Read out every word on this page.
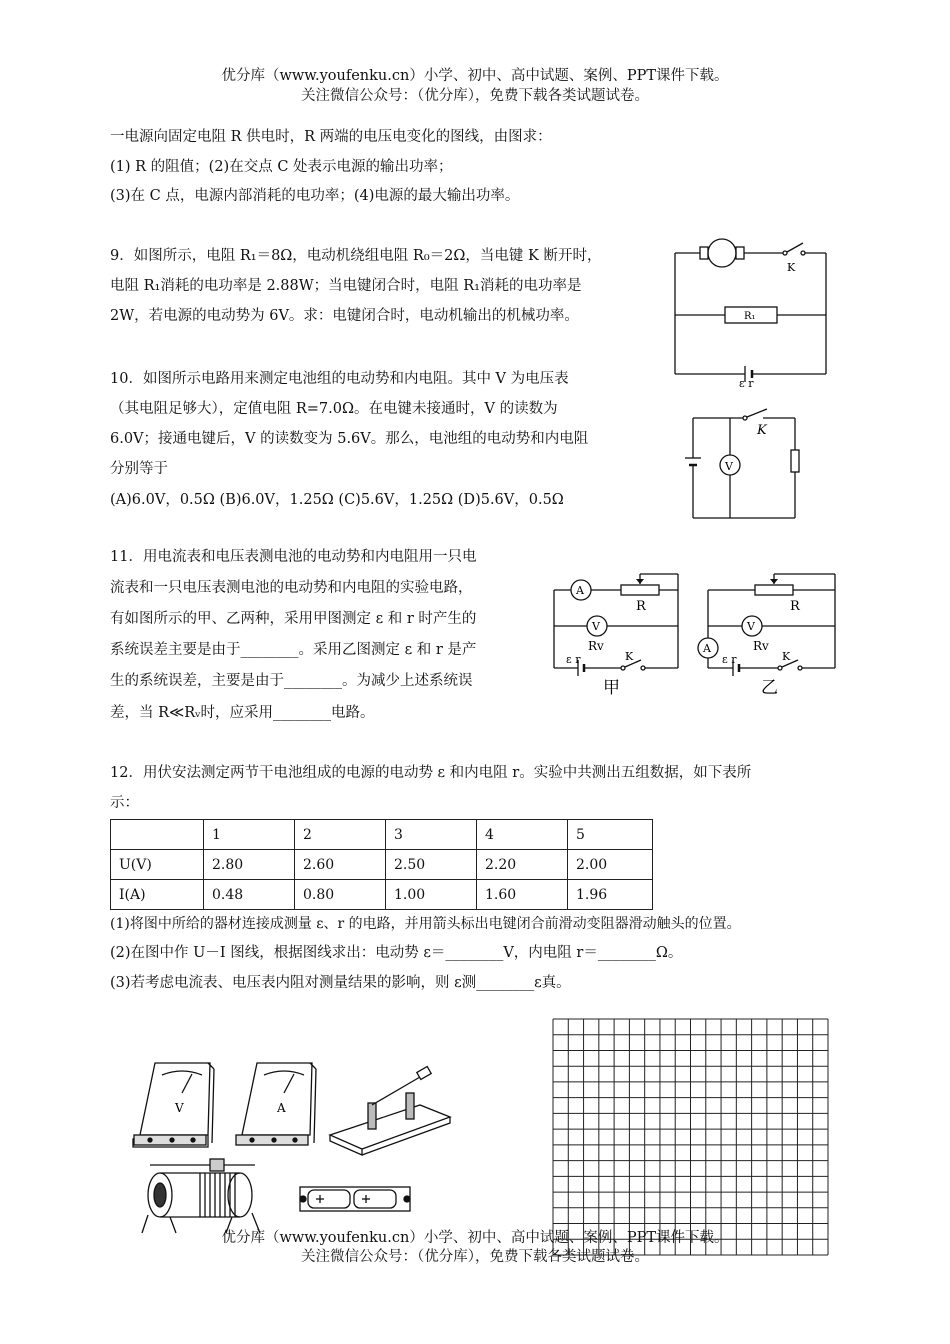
优分库（www.youfenku.cn）小学、初中、高中试题、案例、PPT课件下载。
关注微信公众号：（优分库），免费下载各类试题试卷。
一电源向固定电阻 R 供电时，R 两端的电压电变化的图线，由图求：
(1) R 的阻值；(2)在交点 C 处表示电源的输出功率；
(3)在 C 点，电源内部消耗的电功率；(4)电源的最大输出功率。
9．如图所示，电阻 R₁＝8Ω，电动机绕组电阻 R₀＝2Ω，当电键 K 断开时，
电阻 R₁消耗的电功率是 2.88W；当电键闭合时，电阻 R₁消耗的电功率是
2W，若电源的电动势为 6V。求：电键闭合时，电动机输出的机械功率。
K
R₁
ε r
10．如图所示电路用来测定电池组的电动势和内电阻。其中 V 为电压表
（其电阻足够大），定值电阻 R=7.0Ω。在电键未接通时，V 的读数为
6.0V；接通电键后，V 的读数变为 5.6V。那么，电池组的电动势和内电阻
分别等于
(A)6.0V，0.5Ω (B)6.0V，1.25Ω (C)5.6V，1.25Ω (D)5.6V，0.5Ω
K
V
11．用电流表和电压表测电池的电动势和内电阻用一只电
流表和一只电压表测电池的电动势和内电阻的实验电路，
有如图所示的甲、乙两种，采用甲图测定 ε 和 r 时产生的
系统误差主要是由于________。采用乙图测定 ε 和 r 是产
生的系统误差，主要是由于________。为减少上述系统误
差，当 R≪Rᵥ时，应采用________电路。
A
V
R
Rv
K
ε r
甲
A
V
R
Rv
K
ε r
乙
12．用伏安法测定两节干电池组成的电源的电动势 ε 和内电阻 r。实验中共测出五组数据，如下表所
示：
	1	2	3	4	5
U(V)	2.80	2.60	2.50	2.20	2.00
I(A)	0.48	0.80	1.00	1.60	1.96
(1)将图中所给的器材连接成测量 ε、r 的电路，并用箭头标出电键闭合前滑动变阻器滑动触头的位置。
(2)在图中作 U－I 图线，根据图线求出：电动势 ε＝________V，内电阻 r＝________Ω。
(3)若考虑电流表、电压表内阻对测量结果的影响，则 ε测________ε真。
V	A
优分库（www.youfenku.cn）小学、初中、高中试题、案例、PPT课件下载。
关注微信公众号：（优分库），免费下载各类试题试卷。
